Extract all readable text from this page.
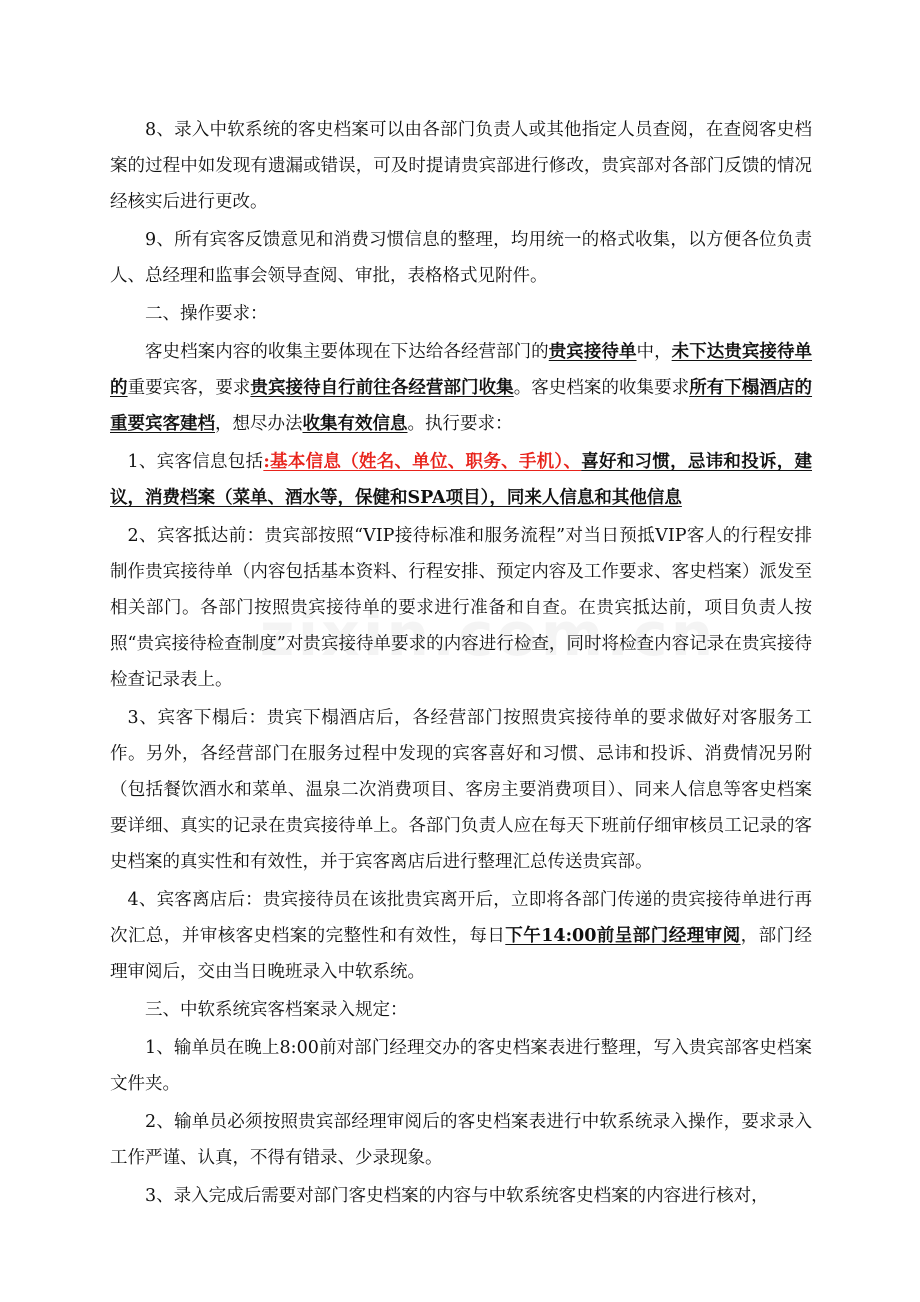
8、录入中软系统的客史档案可以由各部门负责人或其他指定人员查阅，在查阅客史档案的过程中如发现有遗漏或错误，可及时提请贵宾部进行修改，贵宾部对各部门反馈的情况经核实后进行更改。

9、所有宾客反馈意见和消费习惯信息的整理，均用统一的格式收集，以方便各位负责人、总经理和监事会领导查阅、审批，表格格式见附件。

二、操作要求：

客史档案内容的收集主要体现在下达给各经营部门的贵宾接待单中，未下达贵宾接待单的重要宾客，要求贵宾接待自行前往各经营部门收集。客史档案的收集要求所有下榻酒店的重要宾客建档，想尽办法收集有效信息。执行要求：

1、宾客信息包括:基本信息（姓名、单位、职务、手机）、喜好和习惯，忌讳和投诉，建议，消费档案（菜单、酒水等，保健和SPA项目），同来人信息和其他信息

2、宾客抵达前：贵宾部按照“VIP接待标准和服务流程”对当日预抵VIP客人的行程安排制作贵宾接待单（内容包括基本资料、行程安排、预定内容及工作要求、客史档案）派发至相关部门。各部门按照贵宾接待单的要求进行准备和自查。在贵宾抵达前，项目负责人按照“贵宾接待检查制度”对贵宾接待单要求的内容进行检查，同时将检查内容记录在贵宾接待检查记录表上。

3、宾客下榻后：贵宾下榻酒店后，各经营部门按照贵宾接待单的要求做好对客服务工作。另外，各经营部门在服务过程中发现的宾客喜好和习惯、忌讳和投诉、消费情况另附（包括餐饮酒水和菜单、温泉二次消费项目、客房主要消费项目）、同来人信息等客史档案要详细、真实的记录在贵宾接待单上。各部门负责人应在每天下班前仔细审核员工记录的客史档案的真实性和有效性，并于宾客离店后进行整理汇总传送贵宾部。

4、宾客离店后：贵宾接待员在该批贵宾离开后，立即将各部门传递的贵宾接待单进行再次汇总，并审核客史档案的完整性和有效性，每日下午14:00前呈部门经理审阅，部门经理审阅后，交由当日晚班录入中软系统。

三、中软系统宾客档案录入规定：

1、输单员在晚上8:00前对部门经理交办的客史档案表进行整理，写入贵宾部客史档案文件夹。

2、输单员必须按照贵宾部经理审阅后的客史档案表进行中软系统录入操作，要求录入工作严谨、认真，不得有错录、少录现象。

3、录入完成后需要对部门客史档案的内容与中软系统客史档案的内容进行核对，
